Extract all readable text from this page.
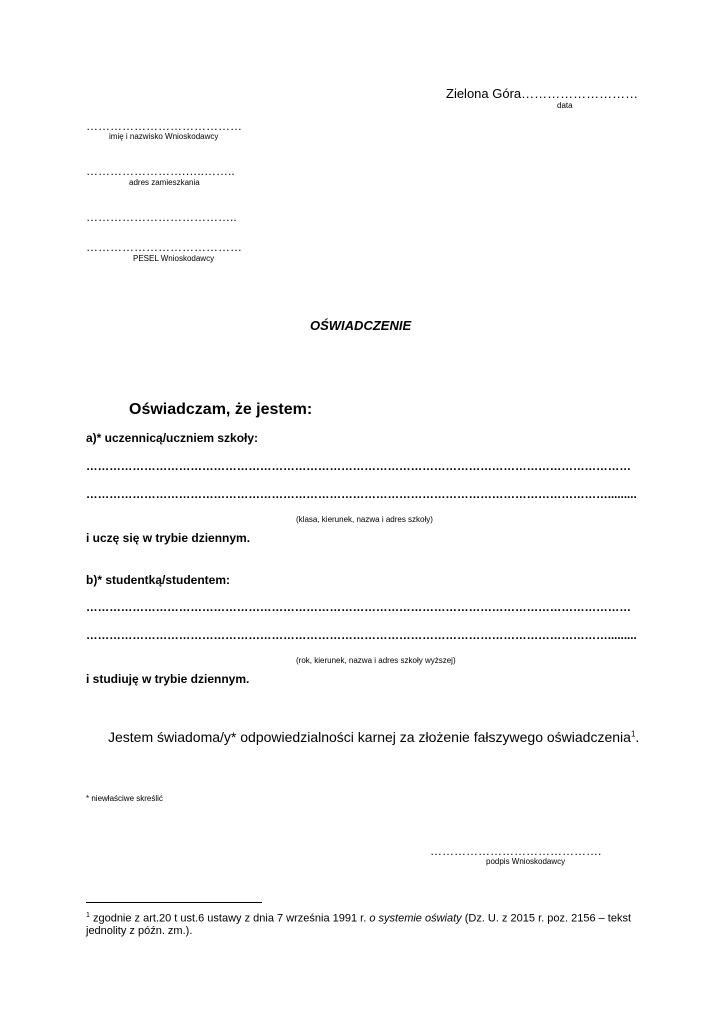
Zielona Góra………………………
data
…………………………………
imię i nazwisko Wnioskodawcy
…………………….…..……..
adres zamieszkania
………………………………..
…………………………………
PESEL Wnioskodawcy
OŚWIADCZENIE
Oświadczam, że jestem:
a)* uczennicą/uczniem szkoły:
……………………………………………………………………………………………………………………………
……………………………………………………………………………………………………………………….........
(klasa, kierunek, nazwa i adres szkoły)
i uczę się w trybie dziennym.
b)* studentką/studentem:
……………………………………………………………………………………………………………………………
……………………………………………………………………………………………………………………….........
(rok, kierunek, nazwa i adres szkoły wyższej)
i studiuję w trybie dziennym.
Jestem świadoma/y* odpowiedzialności karnej za złożenie fałszywego oświadczenia$^1$.
* niewłaściwe skreślić
…………………………………….
podpis Wnioskodawcy
$^1$ zgodnie z art.20 t ust.6 ustawy z dnia 7 września 1991 r. o systemie oświaty (Dz. U. z 2015 r. poz. 2156 – tekst
jednolity z późn. zm.).
